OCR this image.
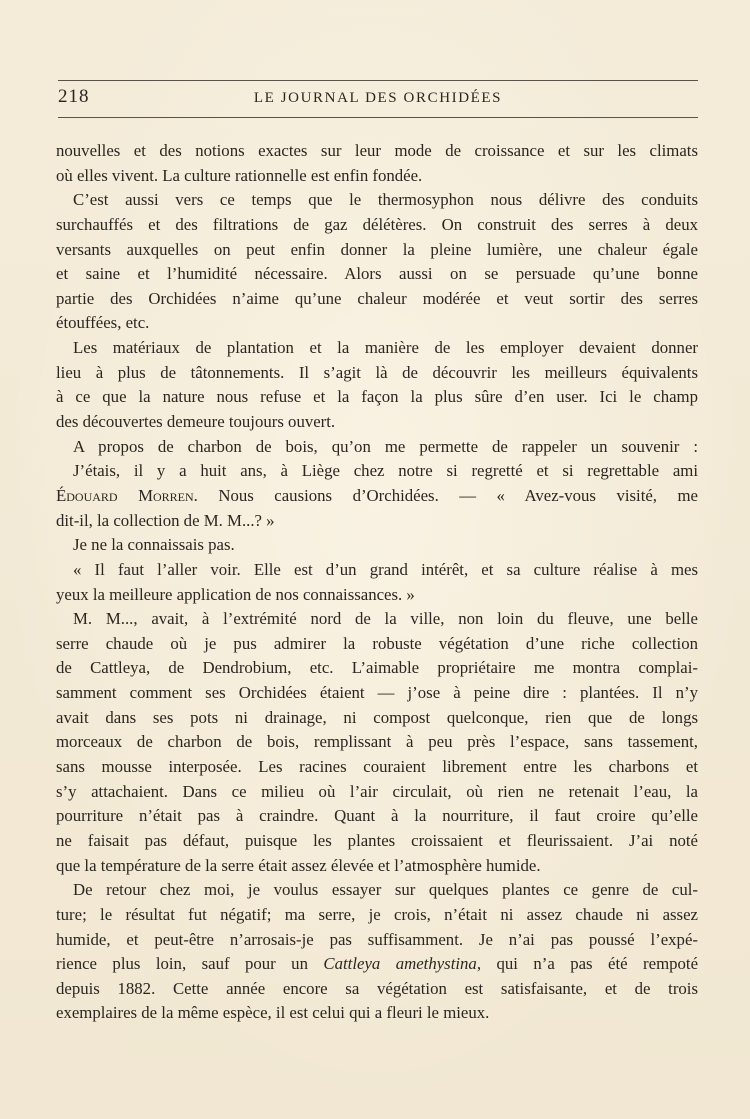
218	LE JOURNAL DES ORCHIDÉES
nouvelles et des notions exactes sur leur mode de croissance et sur les climats
où elles vivent. La culture rationnelle est enfin fondée.
C’est aussi vers ce temps que le thermosyphon nous délivre des conduits
surchauffés et des filtrations de gaz délétères. On construit des serres à deux
versants auxquelles on peut enfin donner la pleine lumière, une chaleur égale
et saine et l’humidité nécessaire. Alors aussi on se persuade qu’une bonne
partie des Orchidées n’aime qu’une chaleur modérée et veut sortir des serres
étouffées, etc.
Les matériaux de plantation et la manière de les employer devaient donner
lieu à plus de tâtonnements. Il s’agit là de découvrir les meilleurs équivalents
à ce que la nature nous refuse et la façon la plus sûre d’en user. Ici le champ
des découvertes demeure toujours ouvert.
A propos de charbon de bois, qu’on me permette de rappeler un souvenir :
J’étais, il y a huit ans, à Liège chez notre si regretté et si regrettable ami
Édouard Morren. Nous causions d’Orchidées. — « Avez-vous visité, me
dit-il, la collection de M. M...? »
Je ne la connaissais pas.
« Il faut l’aller voir. Elle est d’un grand intérêt, et sa culture réalise à mes
yeux la meilleure application de nos connaissances. »
M. M..., avait, à l’extrémité nord de la ville, non loin du fleuve, une belle
serre chaude où je pus admirer la robuste végétation d’une riche collection
de Cattleya, de Dendrobium, etc. L’aimable propriétaire me montra complai-
samment comment ses Orchidées étaient — j’ose à peine dire : plantées. Il n’y
avait dans ses pots ni drainage, ni compost quelconque, rien que de longs
morceaux de charbon de bois, remplissant à peu près l’espace, sans tassement,
sans mousse interposée. Les racines couraient librement entre les charbons et
s’y attachaient. Dans ce milieu où l’air circulait, où rien ne retenait l’eau, la
pourriture n’était pas à craindre. Quant à la nourriture, il faut croire qu’elle
ne faisait pas défaut, puisque les plantes croissaient et fleurissaient. J’ai noté
que la température de la serre était assez élevée et l’atmosphère humide.
De retour chez moi, je voulus essayer sur quelques plantes ce genre de cul-
ture; le résultat fut négatif; ma serre, je crois, n’était ni assez chaude ni assez
humide, et peut-être n’arrosais-je pas suffisamment. Je n’ai pas poussé l’expé-
rience plus loin, sauf pour un Cattleya amethystina, qui n’a pas été rempoté
depuis 1882. Cette année encore sa végétation est satisfaisante, et de trois
exemplaires de la même espèce, il est celui qui a fleuri le mieux.
